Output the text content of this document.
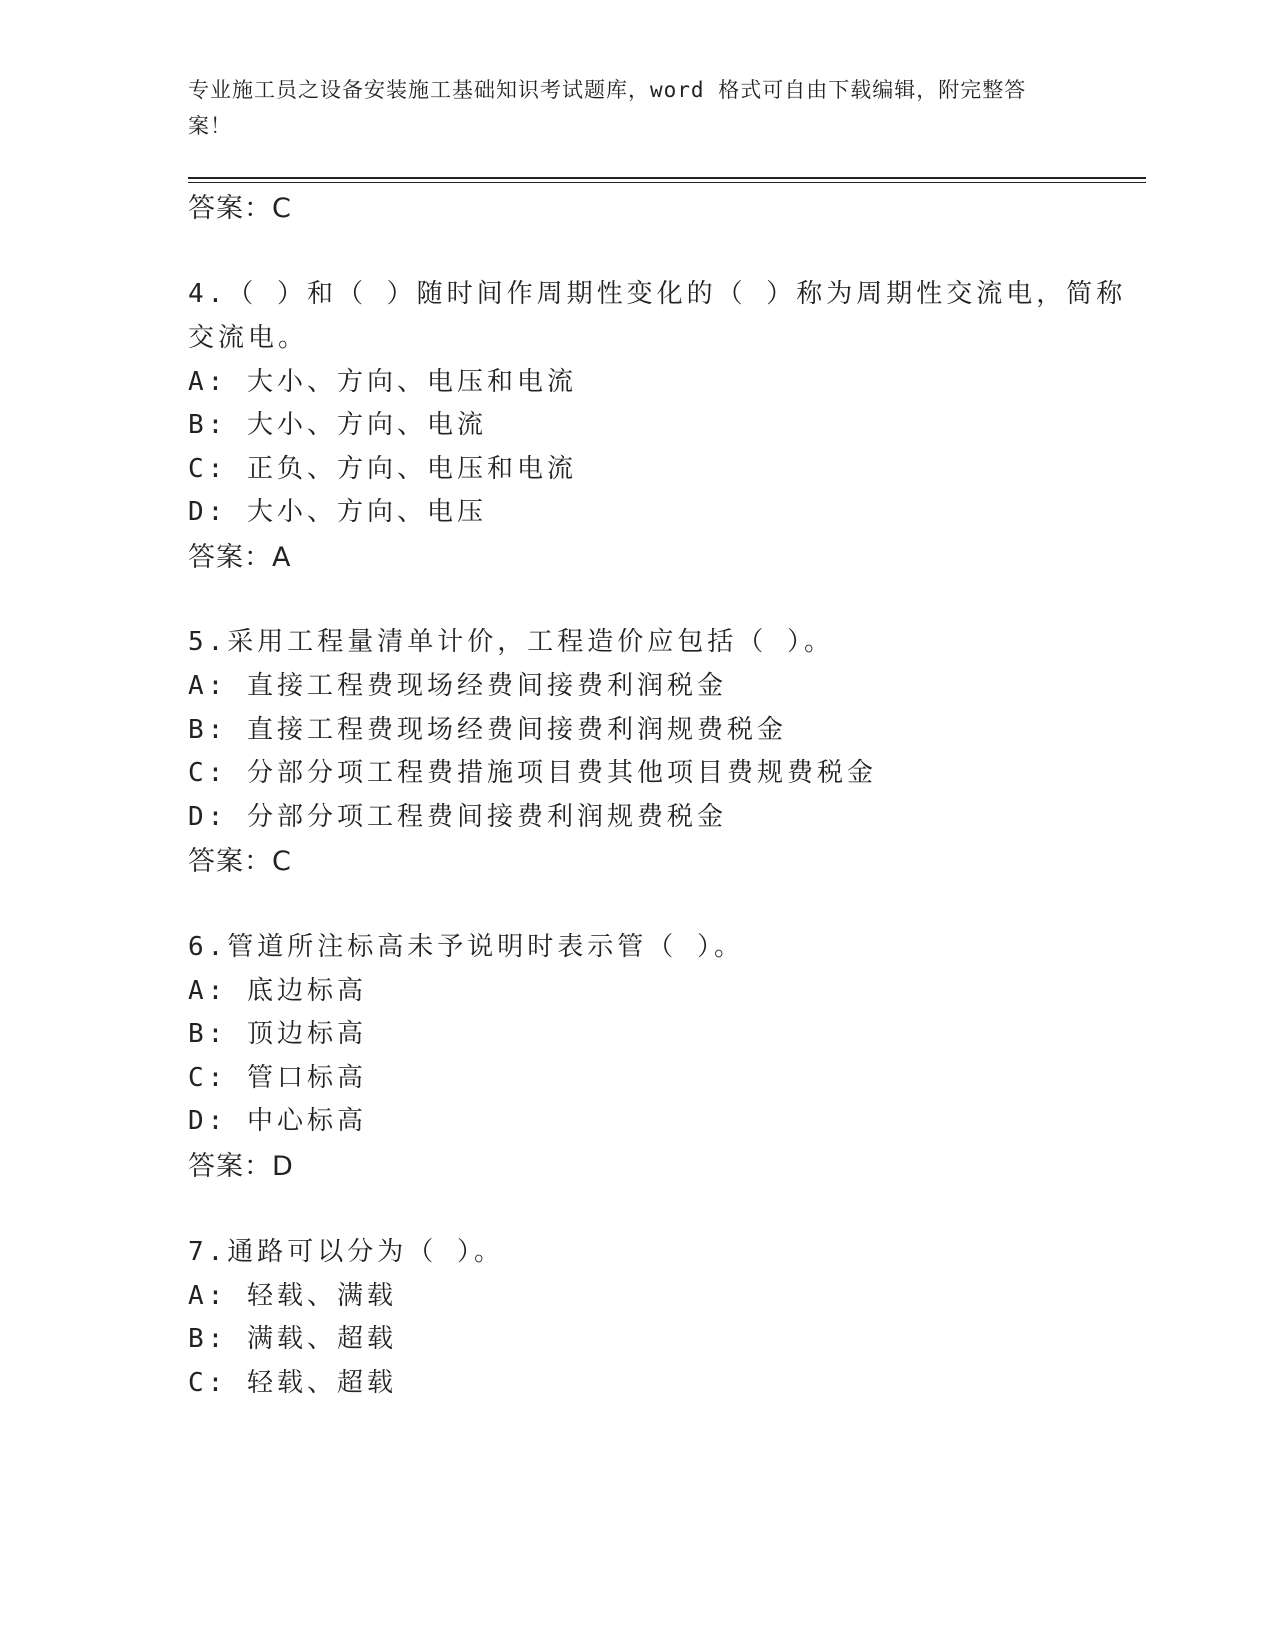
专业施工员之设备安装施工基础知识考试题库，word 格式可自由下载编辑，附完整答案！
答案：C
4.（ ）和（ ）随时间作周期性变化的（ ）称为周期性交流电，简称
交流电。
A: 大小、方向、电压和电流
B: 大小、方向、电流
C: 正负、方向、电压和电流
D: 大小、方向、电压
答案：A
5.采用工程量清单计价，工程造价应包括（ ）。
A: 直接工程费现场经费间接费利润税金
B: 直接工程费现场经费间接费利润规费税金
C: 分部分项工程费措施项目费其他项目费规费税金
D: 分部分项工程费间接费利润规费税金
答案：C
6.管道所注标高未予说明时表示管（ ）。
A: 底边标高
B: 顶边标高
C: 管口标高
D: 中心标高
答案：D
7.通路可以分为（ ）。
A: 轻载、满载
B: 满载、超载
C: 轻载、超载
